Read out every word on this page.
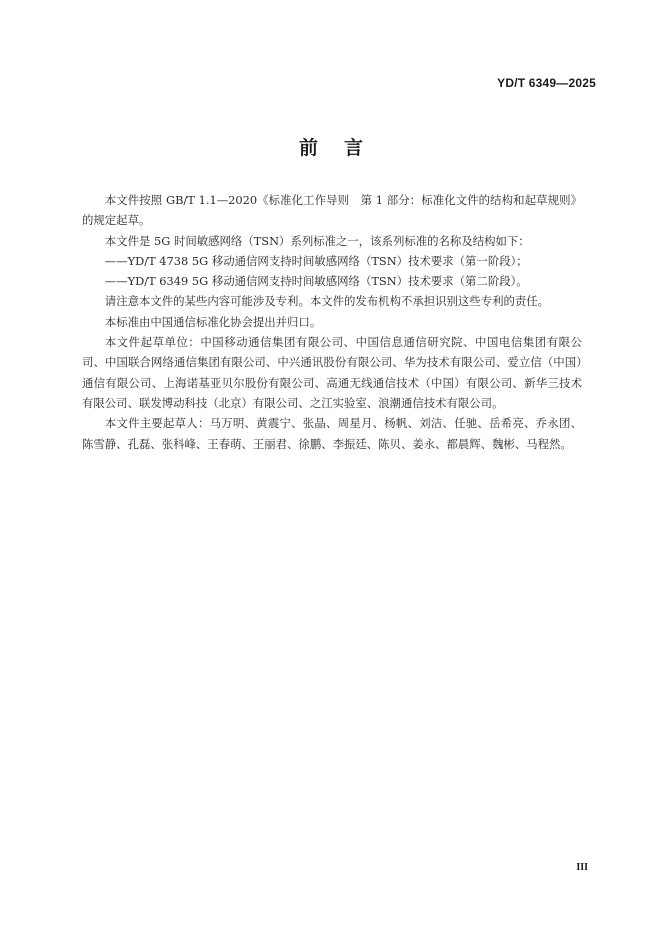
YD/T 6349—2025
前言

本文件按照 GB/T 1.1—2020《标准化工作导则　第 1 部分：标准化文件的结构和起草规则》的规定起草。

本文件是 5G 时间敏感网络（TSN）系列标准之一，该系列标准的名称及结构如下：

——YD/T 4738 5G 移动通信网支持时间敏感网络（TSN）技术要求（第一阶段）；

——YD/T 6349 5G 移动通信网支持时间敏感网络（TSN）技术要求（第二阶段）。

请注意本文件的某些内容可能涉及专利。本文件的发布机构不承担识别这些专利的责任。

本标准由中国通信标准化协会提出并归口。

本文件起草单位：中国移动通信集团有限公司、中国信息通信研究院、中国电信集团有限公司、中国联合网络通信集团有限公司、中兴通讯股份有限公司、华为技术有限公司、爱立信（中国）通信有限公司、上海诺基亚贝尔股份有限公司、高通无线通信技术（中国）有限公司、新华三技术有限公司、联发博动科技（北京）有限公司、之江实验室、浪潮通信技术有限公司。

本文件主要起草人：马万明、黄震宁、张晶、周星月、杨帆、刘洁、任驰、岳希亮、乔永团、陈雪静、孔磊、张科峰、王春萌、王丽君、徐鹏、李振廷、陈贝、姜永、都晨辉、魏彬、马程然。

III
